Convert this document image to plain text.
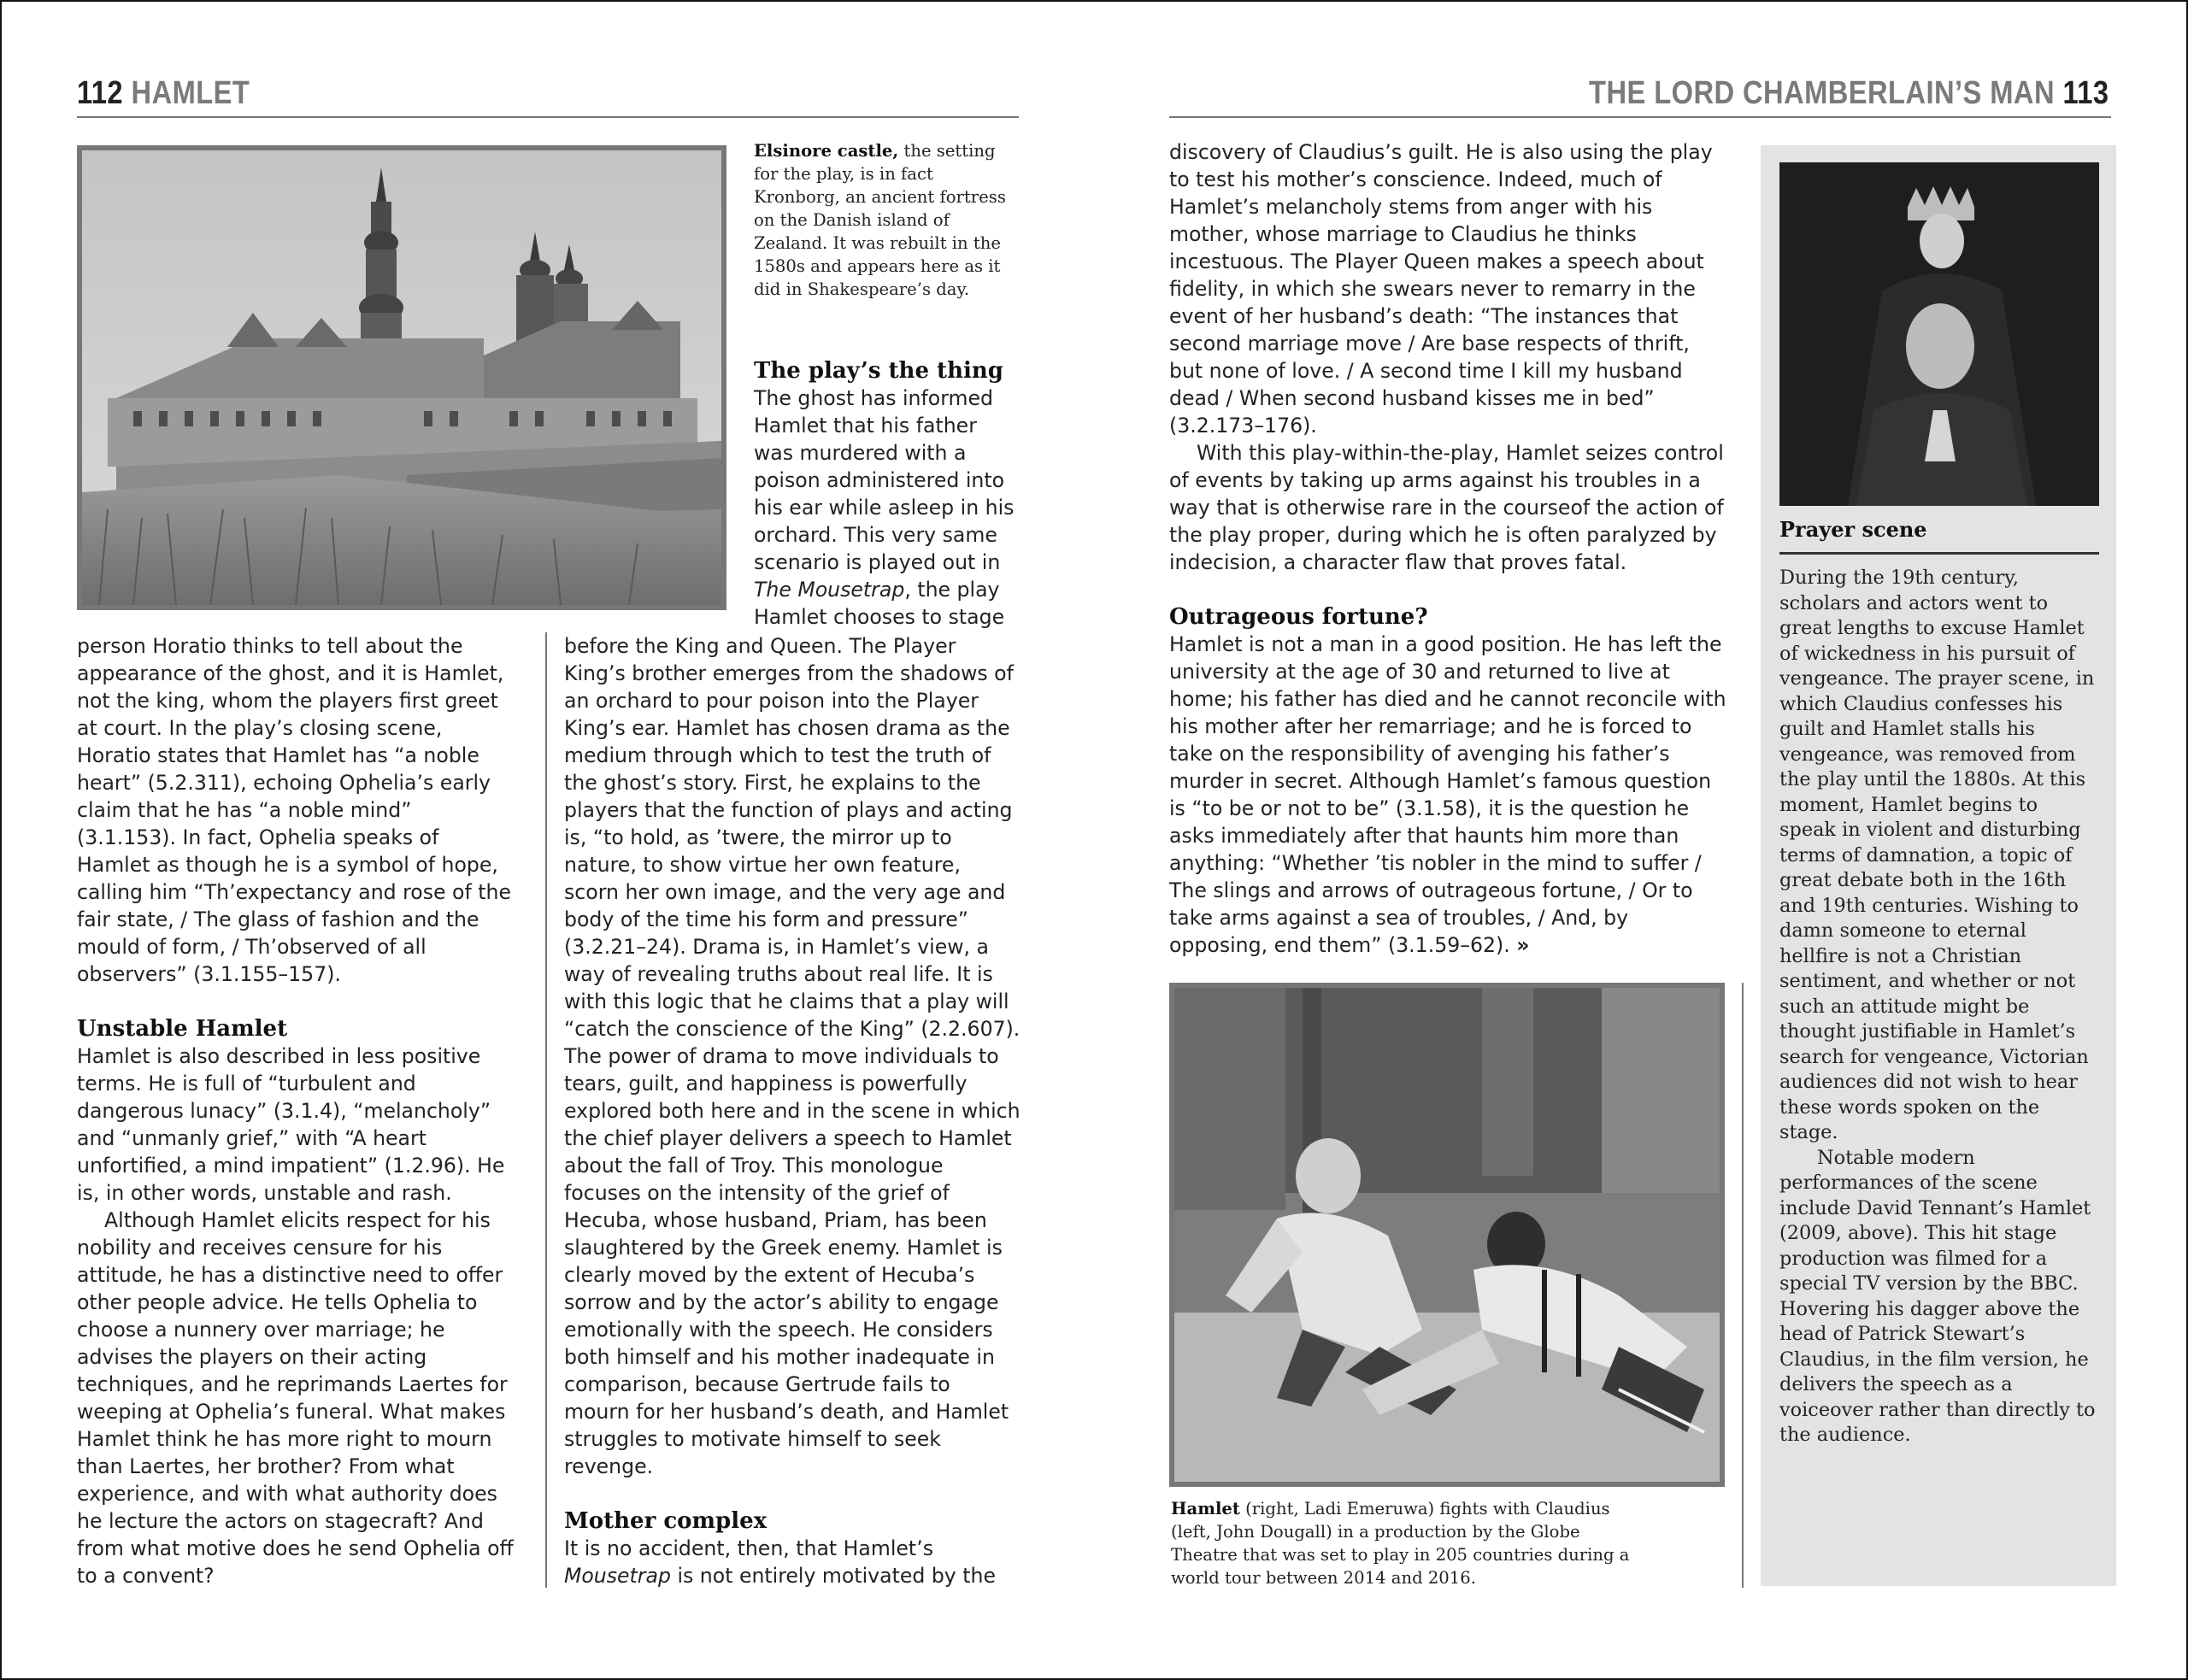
112 HAMLET	THE LORD CHAMBERLAIN’S MAN 113
Elsinore castle, the setting for the play, is in fact Kronborg, an ancient fortress on the Danish island of Zealand. It was rebuilt in the 1580s and appears here as it did in Shakespeare’s day.

person Horatio thinks to tell about the appearance of the ghost, and it is Hamlet, not the king, whom the players first greet at court. In the play’s closing scene, Horatio states that Hamlet has “a noble heart” (5.2.311), echoing Ophelia’s early claim that he has “a noble mind” (3.1.153). In fact, Ophelia speaks of Hamlet as though he is a symbol of hope, calling him “Th’expectancy and rose of the fair state, / The glass of fashion and the mould of form, / Th’observed of all observers” (3.1.155–157).

Unstable Hamlet

Hamlet is also described in less positive terms. He is full of “turbulent and dangerous lunacy” (3.1.4), “melancholy” and “unmanly grief,” with “A heart unfortified, a mind impatient” (1.2.96). He is, in other words, unstable and rash.

Although Hamlet elicits respect for his nobility and receives censure for his attitude, he has a distinctive need to offer other people advice. He tells Ophelia to choose a nunnery over marriage; he advises the players on their acting techniques, and he reprimands Laertes for weeping at Ophelia’s funeral. What makes Hamlet think he has more right to mourn than Laertes, her brother? From what experience, and with what authority does he lecture the actors on stagecraft? And from what motive does he send Ophelia off to a convent?

The play’s the thing

The ghost has informed Hamlet that his father was murdered with a poison administered into his ear while asleep in his orchard. This very same scenario is played out in The Mousetrap, the play Hamlet chooses to stage

before the King and Queen. The Player King’s brother emerges from the shadows of an orchard to pour poison into the Player King’s ear. Hamlet has chosen drama as the medium through which to test the truth of the ghost’s story. First, he explains to the players that the function of plays and acting is, “to hold, as ’twere, the mirror up to nature, to show virtue her own feature, scorn her own image, and the very age and body of the time his form and pressure” (3.2.21–24). Drama is, in Hamlet’s view, a way of revealing truths about real life. It is with this logic that he claims that a play will “catch the conscience of the King” (2.2.607). The power of drama to move individuals to tears, guilt, and happiness is powerfully explored both here and in the scene in which the chief player delivers a speech to Hamlet about the fall of Troy. This monologue focuses on the intensity of the grief of Hecuba, whose husband, Priam, has been slaughtered by the Greek enemy. Hamlet is clearly moved by the extent of Hecuba’s sorrow and by the actor’s ability to engage emotionally with the speech. He considers both himself and his mother inadequate in comparison, because Gertrude fails to mourn for her husband’s death, and Hamlet struggles to motivate himself to seek revenge.

Mother complex

It is no accident, then, that Hamlet’s Mousetrap is not entirely motivated by the

discovery of Claudius’s guilt. He is also using the play to test his mother’s conscience. Indeed, much of Hamlet’s melancholy stems from anger with his mother, whose marriage to Claudius he thinks incestuous. The Player Queen makes a speech about fidelity, in which she swears never to remarry in the event of her husband’s death: “The instances that second marriage move / Are base respects of thrift, but none of love. / A second time I kill my husband dead / When second husband kisses me in bed” (3.2.173–176).

With this play-within-the-play, Hamlet seizes control of events by taking up arms against his troubles in a way that is otherwise rare in the courseof the action of the play proper, during which he is often paralyzed by indecision, a character flaw that proves fatal.

Outrageous fortune?

Hamlet is not a man in a good position. He has left the university at the age of 30 and returned to live at home; his father has died and he cannot reconcile with his mother after her remarriage; and he is forced to take on the responsibility of avenging his father’s murder in secret. Although Hamlet’s famous question is “to be or not to be” (3.1.58), it is the question he asks immediately after that haunts him more than anything: “Whether ’tis nobler in the mind to suffer / The slings and arrows of outrageous fortune, / Or to take arms against a sea of troubles, / And, by opposing, end them” (3.1.59–62). »

Hamlet (right, Ladi Emeruwa) fights with Claudius (left, John Dougall) in a production by the Globe Theatre that was set to play in 205 countries during a world tour between 2014 and 2016.
Prayer scene

During the 19th century, scholars and actors went to great lengths to excuse Hamlet of wickedness in his pursuit of vengeance. The prayer scene, in which Claudius confesses his guilt and Hamlet stalls his vengeance, was removed from the play until the 1880s. At this moment, Hamlet begins to speak in violent and disturbing terms of damnation, a topic of great debate both in the 16th and 19th centuries. Wishing to damn someone to eternal hellfire is not a Christian sentiment, and whether or not such an attitude might be thought justifiable in Hamlet’s search for vengeance, Victorian audiences did not wish to hear these words spoken on the stage.

Notable modern performances of the scene include David Tennant’s Hamlet (2009, above). This hit stage production was filmed for a special TV version by the BBC. Hovering his dagger above the head of Patrick Stewart’s Claudius, in the film version, he delivers the speech as a voiceover rather than directly to the audience.
